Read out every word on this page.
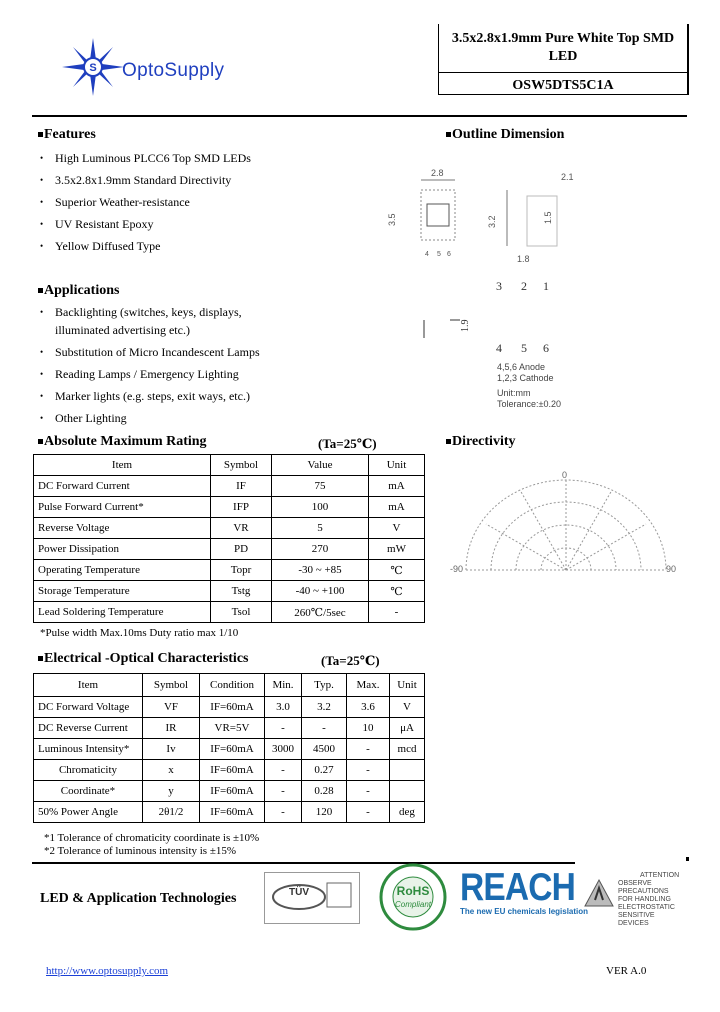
S OptoSupply
3.5x2.8x1.9mm Pure White Top SMD LED
OSW5DTS5C1A
Features
• High Luminous PLCC6 Top SMD LEDs
• 3.5x2.8x1.9mm Standard Directivity
• Superior Weather-resistance
• UV Resistant Epoxy
• Yellow Diffused Type
Applications
• Backlighting (switches, keys, displays, illuminated advertising etc.)
• Substitution of Micro Incandescent Lamps
• Reading Lamps / Emergency Lighting
• Marker lights (e.g. steps, exit ways, etc.)
• Other Lighting
Outline Dimension
2.8
3.5	3.2
2.1
1.5
1.8
4 5 6
3 2 1
1.9
4 5 6
4,5,6 Anode
1,2,3 Cathode
Unit:mm
Tolerance:±0.20
Absolute Maximum Rating	(Ta=25℃)
Item	Symbol	Value	Unit
DC Forward Current	IF	75	mA
Pulse Forward Current*	IFP	100	mA
Reverse Voltage	VR	5	V
Power Dissipation	PD	270	mW
Operating Temperature	Topr	-30 ~ +85	℃
Storage Temperature	Tstg	-40 ~ +100	℃
Lead Soldering Temperature	Tsol	260℃/5sec	-
*Pulse width Max.10ms Duty ratio max 1/10
Directivity
0
-90	90
Electrical -Optical Characteristics	(Ta=25℃)
Item	Symbol	Condition	Min.	Typ.	Max.	Unit
DC Forward Voltage	VF	IF=60mA	3.0	3.2	3.6	V
DC Reverse Current	IR	VR=5V	-	-	10	μA
Luminous Intensity*	Iv	IF=60mA	3000	4500	-	mcd
Chromaticity	x	IF=60mA	-	0.27	-	
Coordinate*	y	IF=60mA	-	0.28	-	
50% Power Angle	2θ1/2	IF=60mA	-	120	-	deg
*1 Tolerance of chromaticity coordinate is ±10%
*2 Tolerance of luminous intensity is ±15%
LED & Application Technologies	TÜV	RoHS
Compliant REACH
The new EU chemicals legislation
ATTENTION
OBSERVE PRECAUTIONS
FOR HANDLING
ELECTROSTATIC
SENSITIVE DEVICES
http://www.optosupply.com	VER A.0
